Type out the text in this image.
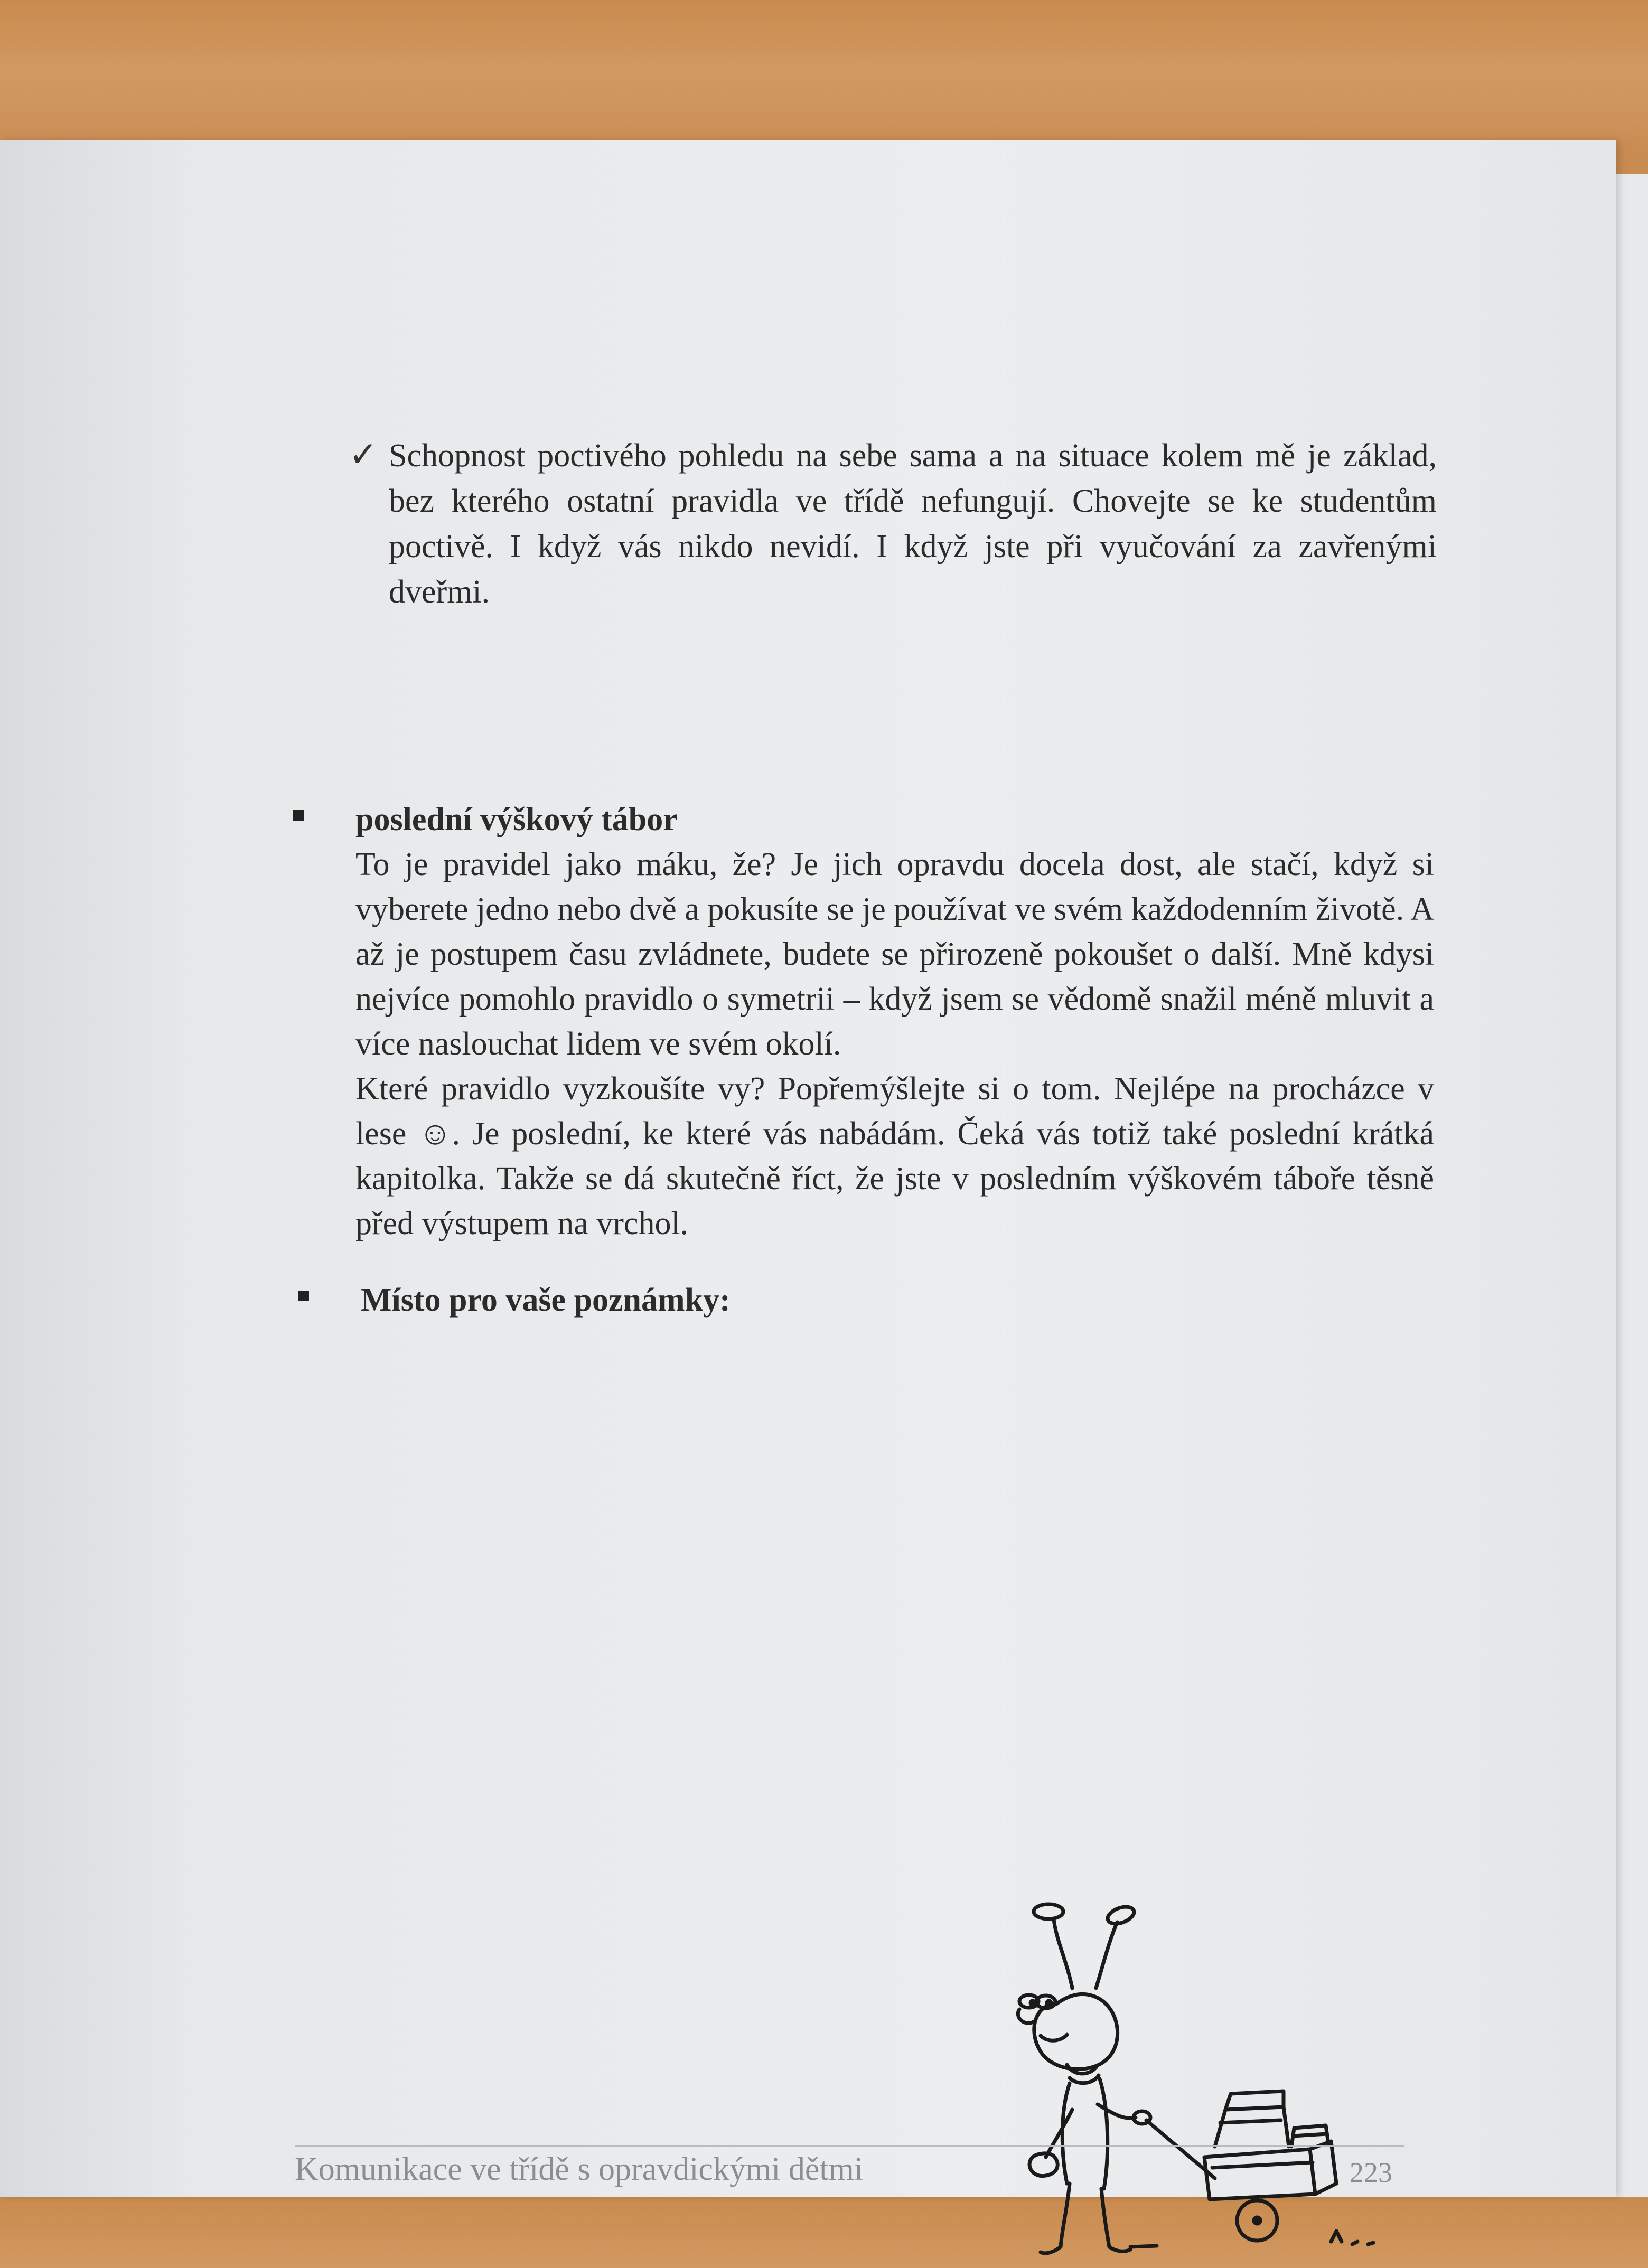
✓ Schopnost poctivého pohledu na sebe sama a na situace kolem mě je základ, bez kterého ostatní pravidla ve třídě nefungují. Chovejte se ke studentům poctivě. I když vás nikdo nevidí. I když jste při vyučování za zavřenými dveřmi.
poslední výškový tábor
To je pravidel jako máku, že? Je jich opravdu docela dost, ale stačí, když si vyberete jedno nebo dvě a pokusíte se je používat ve svém každodenním životě. A až je postupem času zvládnete, budete se přirozeně pokoušet o další. Mně kdysi nejvíce pomohlo pravidlo o symetrii – když jsem se vědomě snažil méně mluvit a více naslouchat lidem ve svém okolí.
Které pravidlo vyzkoušíte vy? Popřemýšlejte si o tom. Nejlépe na procházce v lese ☺. Je poslední, ke které vás nabádám. Čeká vás totiž také poslední krátká kapitolka. Takže se dá skutečně říct, že jste v posledním výškovém táboře těsně před výstupem na vrchol.
Místo pro vaše poznámky:
Komunikace ve třídě s opravdickými dětmi	223
